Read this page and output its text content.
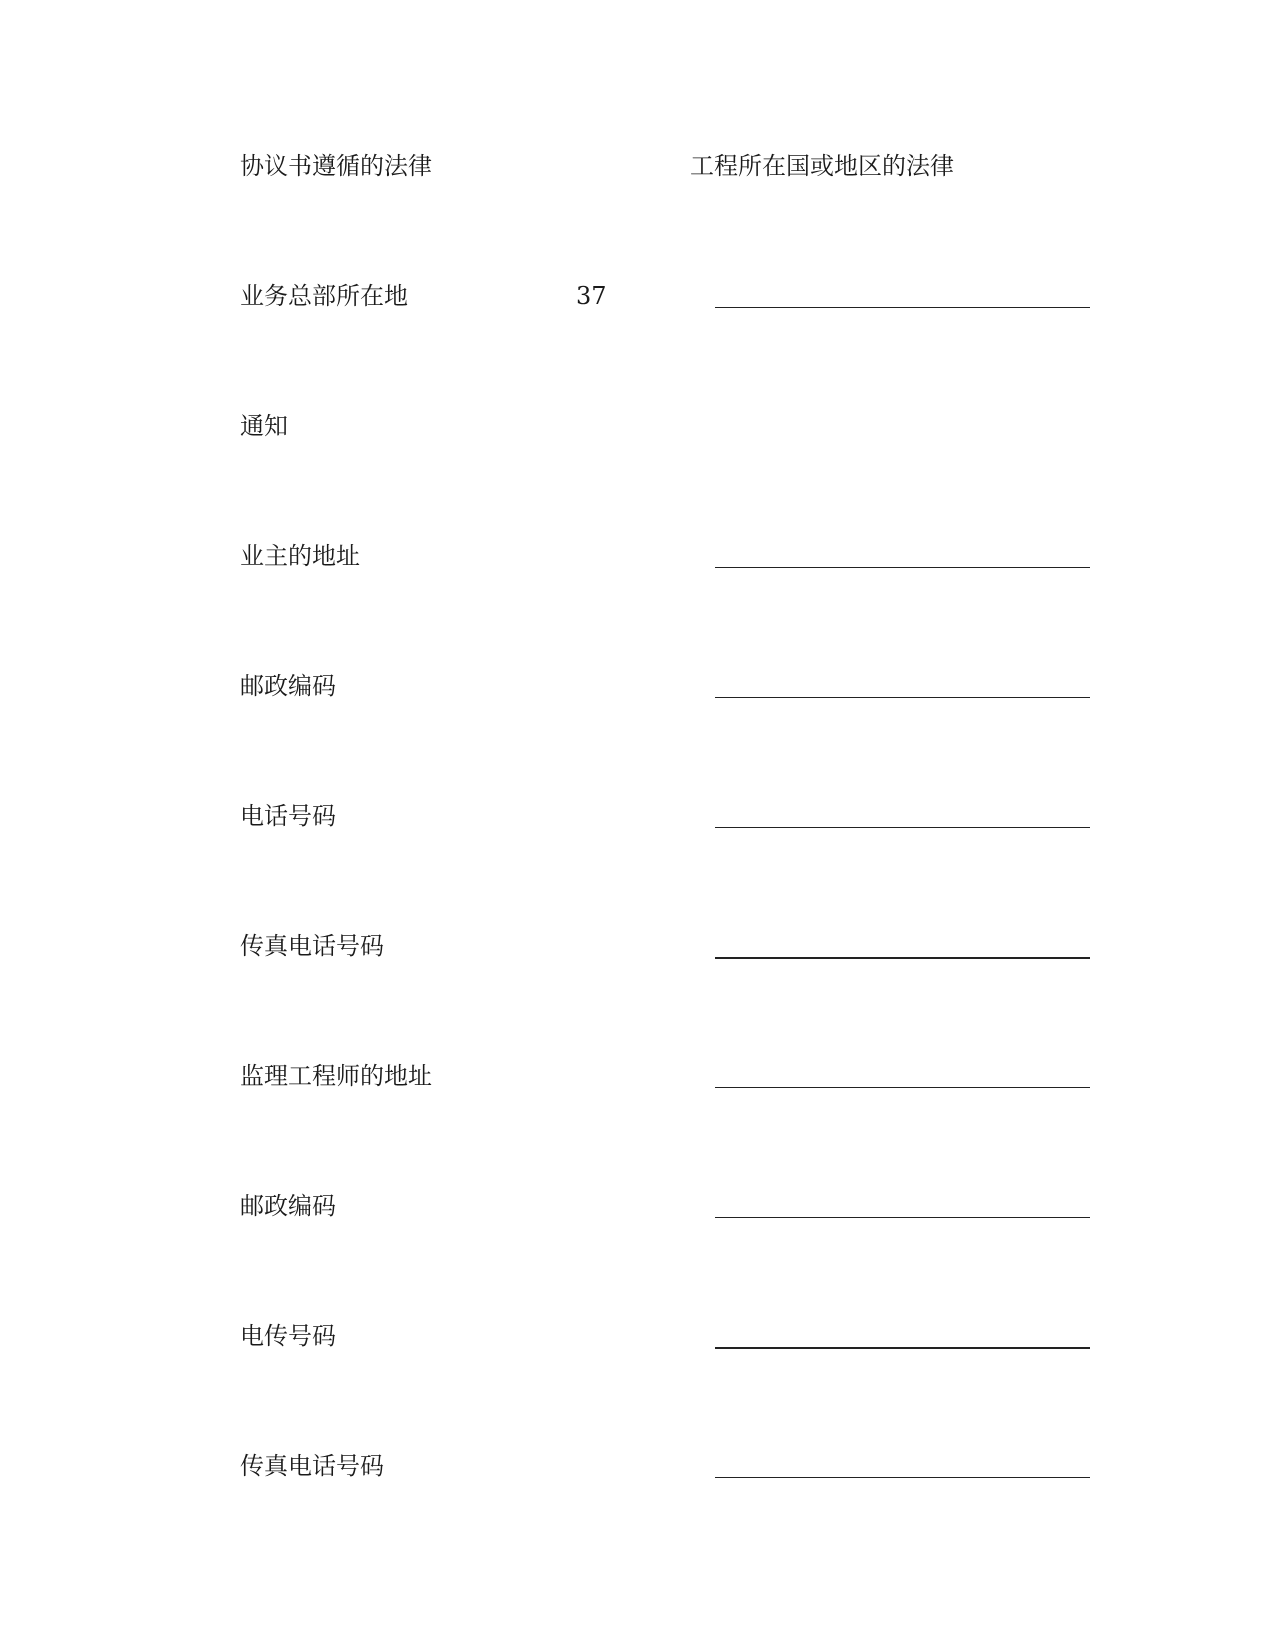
协议书遵循的法律	工程所在国或地区的法律
业务总部所在地	37
通知
业主的地址
邮政编码
电话号码
传真电话号码
监理工程师的地址
邮政编码
电传号码
传真电话号码
